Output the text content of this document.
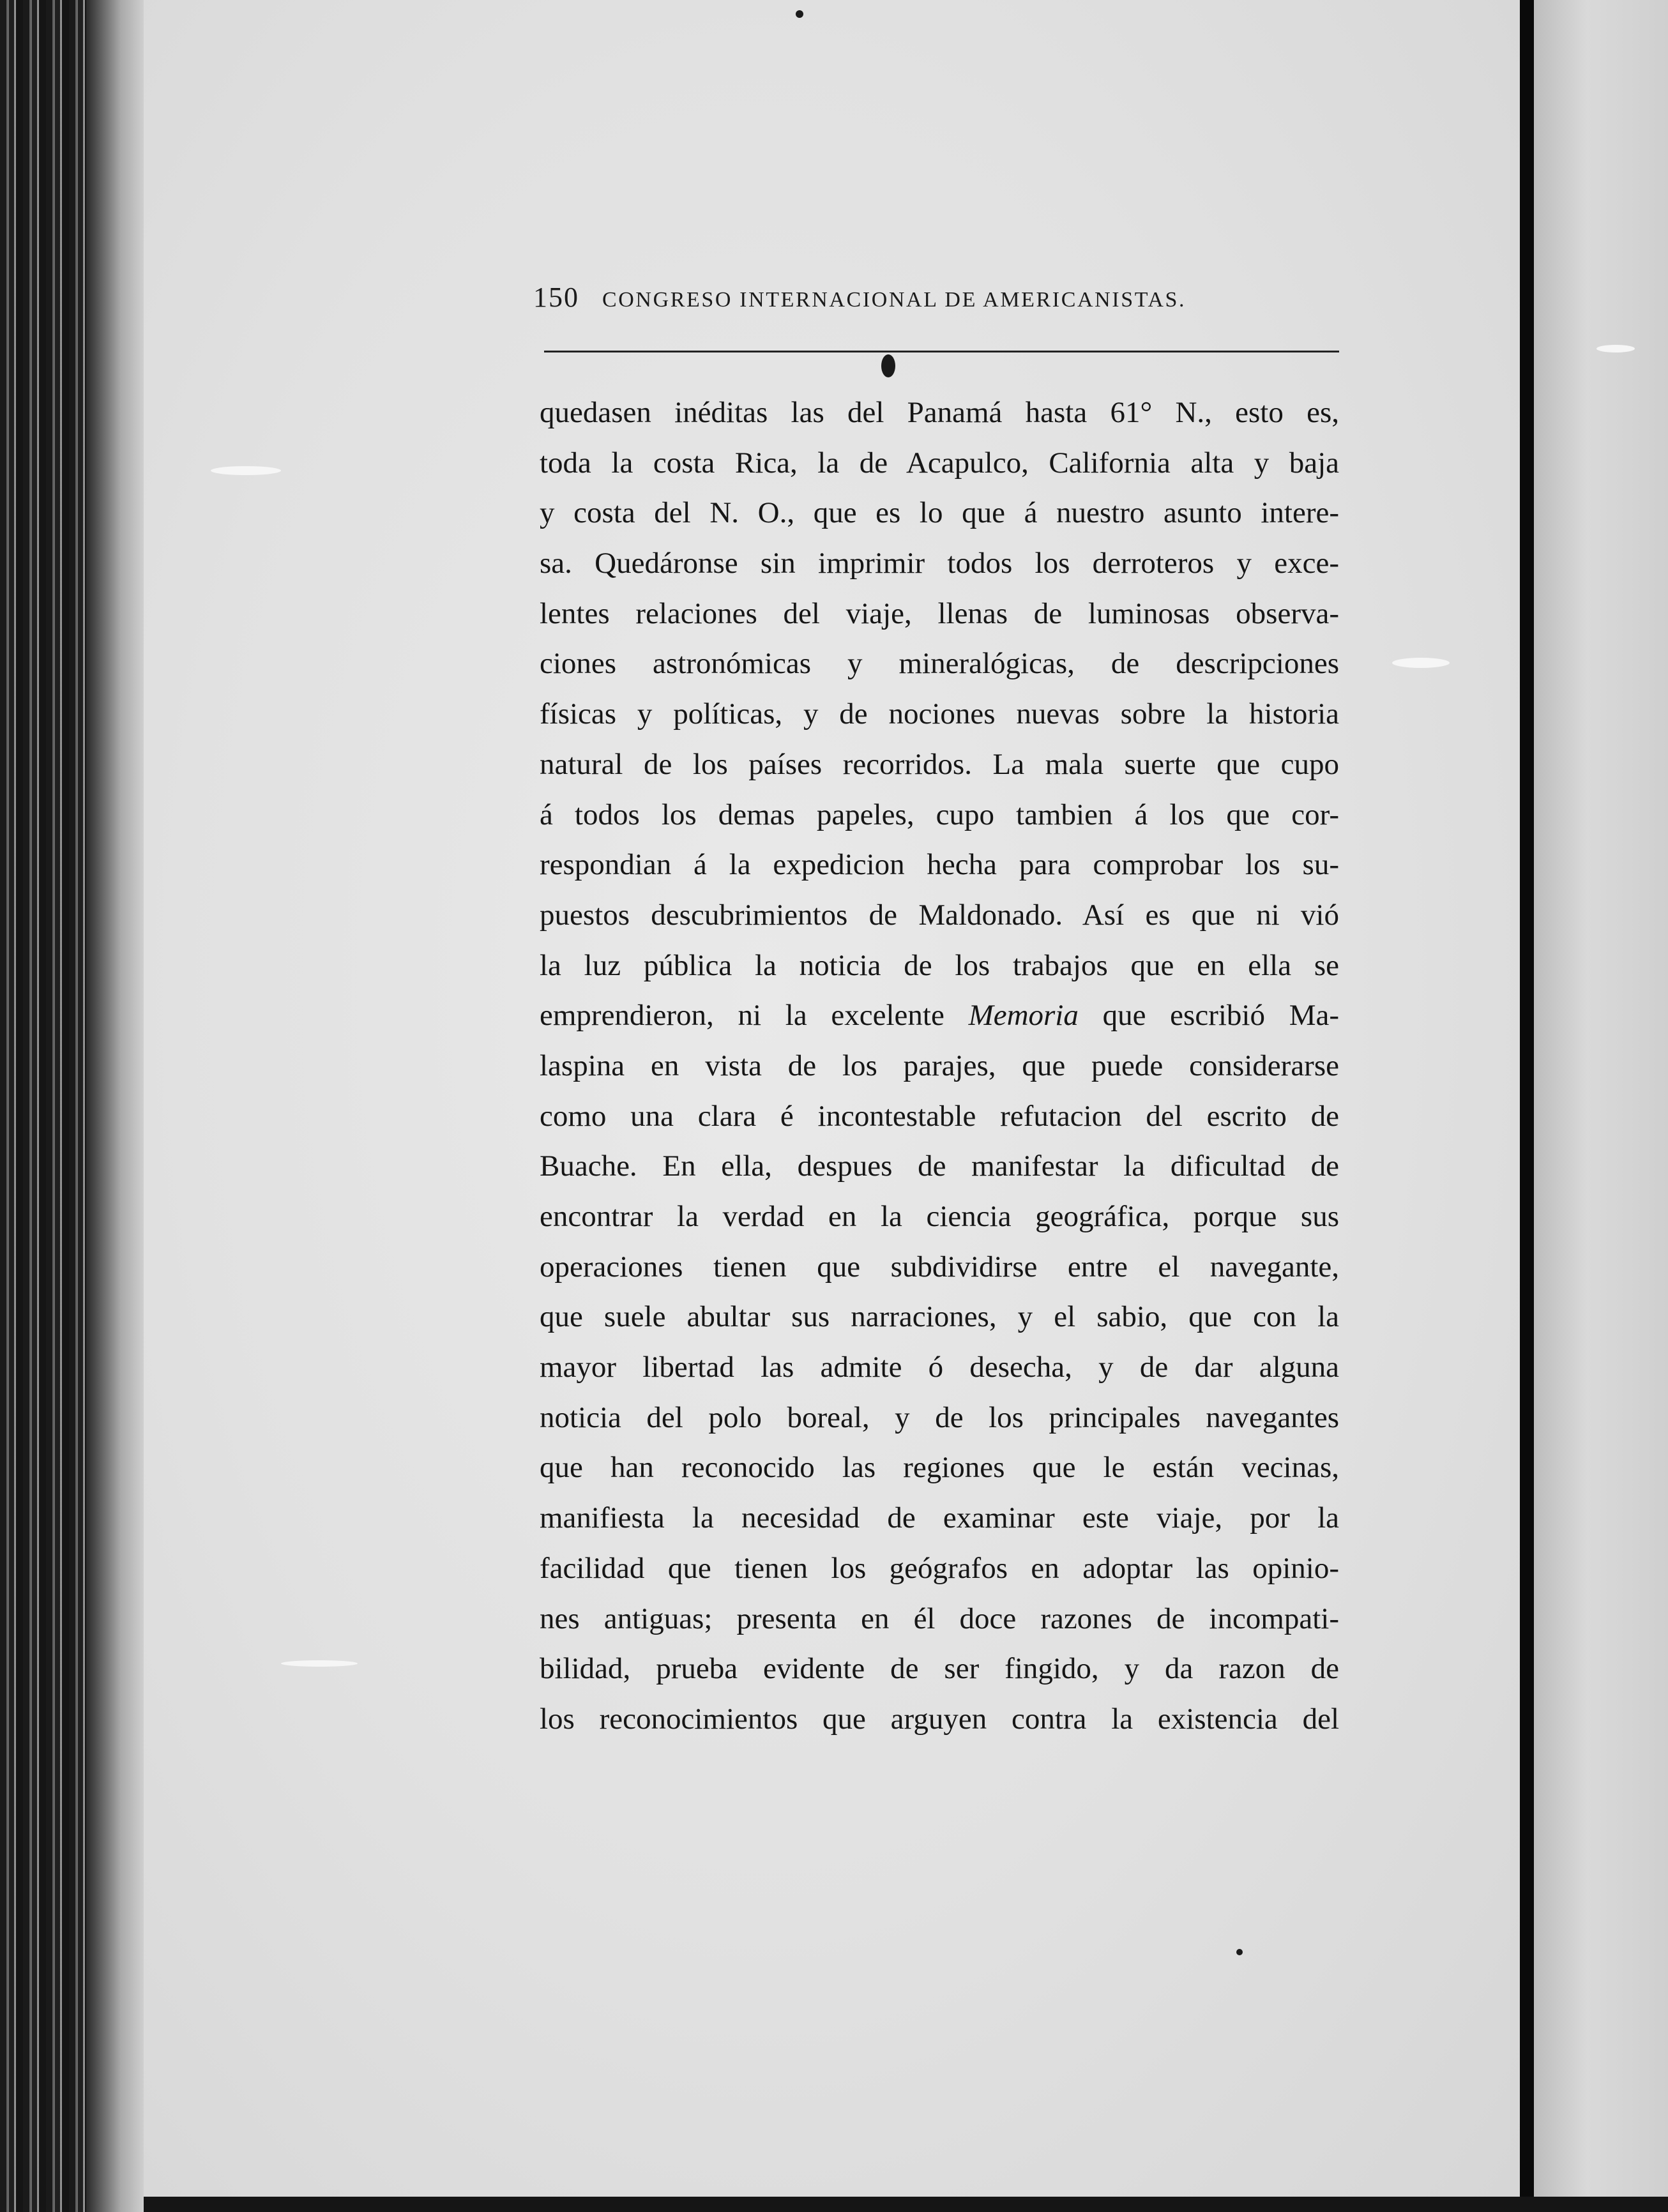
150 CONGRESO INTERNACIONAL DE AMERICANISTAS.
quedasen inéditas las del Panamá hasta 61° N., esto es,
toda la costa Rica, la de Acapulco, California alta y baja
y costa del N. O., que es lo que á nuestro asunto intere-
sa. Quedáronse sin imprimir todos los derroteros y exce-
lentes relaciones del viaje, llenas de luminosas observa-
ciones astronómicas y mineralógicas, de descripciones
físicas y políticas, y de nociones nuevas sobre la historia
natural de los países recorridos. La mala suerte que cupo
á todos los demas papeles, cupo tambien á los que cor-
respondian á la expedicion hecha para comprobar los su-
puestos descubrimientos de Maldonado. Así es que ni vió
la luz pública la noticia de los trabajos que en ella se
emprendieron, ni la excelente Memoria que escribió Ma-
laspina en vista de los parajes, que puede considerarse
como una clara é incontestable refutacion del escrito de
Buache. En ella, despues de manifestar la dificultad de
encontrar la verdad en la ciencia geográfica, porque sus
operaciones tienen que subdividirse entre el navegante,
que suele abultar sus narraciones, y el sabio, que con la
mayor libertad las admite ó desecha, y de dar alguna
noticia del polo boreal, y de los principales navegantes
que han reconocido las regiones que le están vecinas,
manifiesta la necesidad de examinar este viaje, por la
facilidad que tienen los geógrafos en adoptar las opinio-
nes antiguas; presenta en él doce razones de incompati-
bilidad, prueba evidente de ser fingido, y da razon de
los reconocimientos que arguyen contra la existencia del
